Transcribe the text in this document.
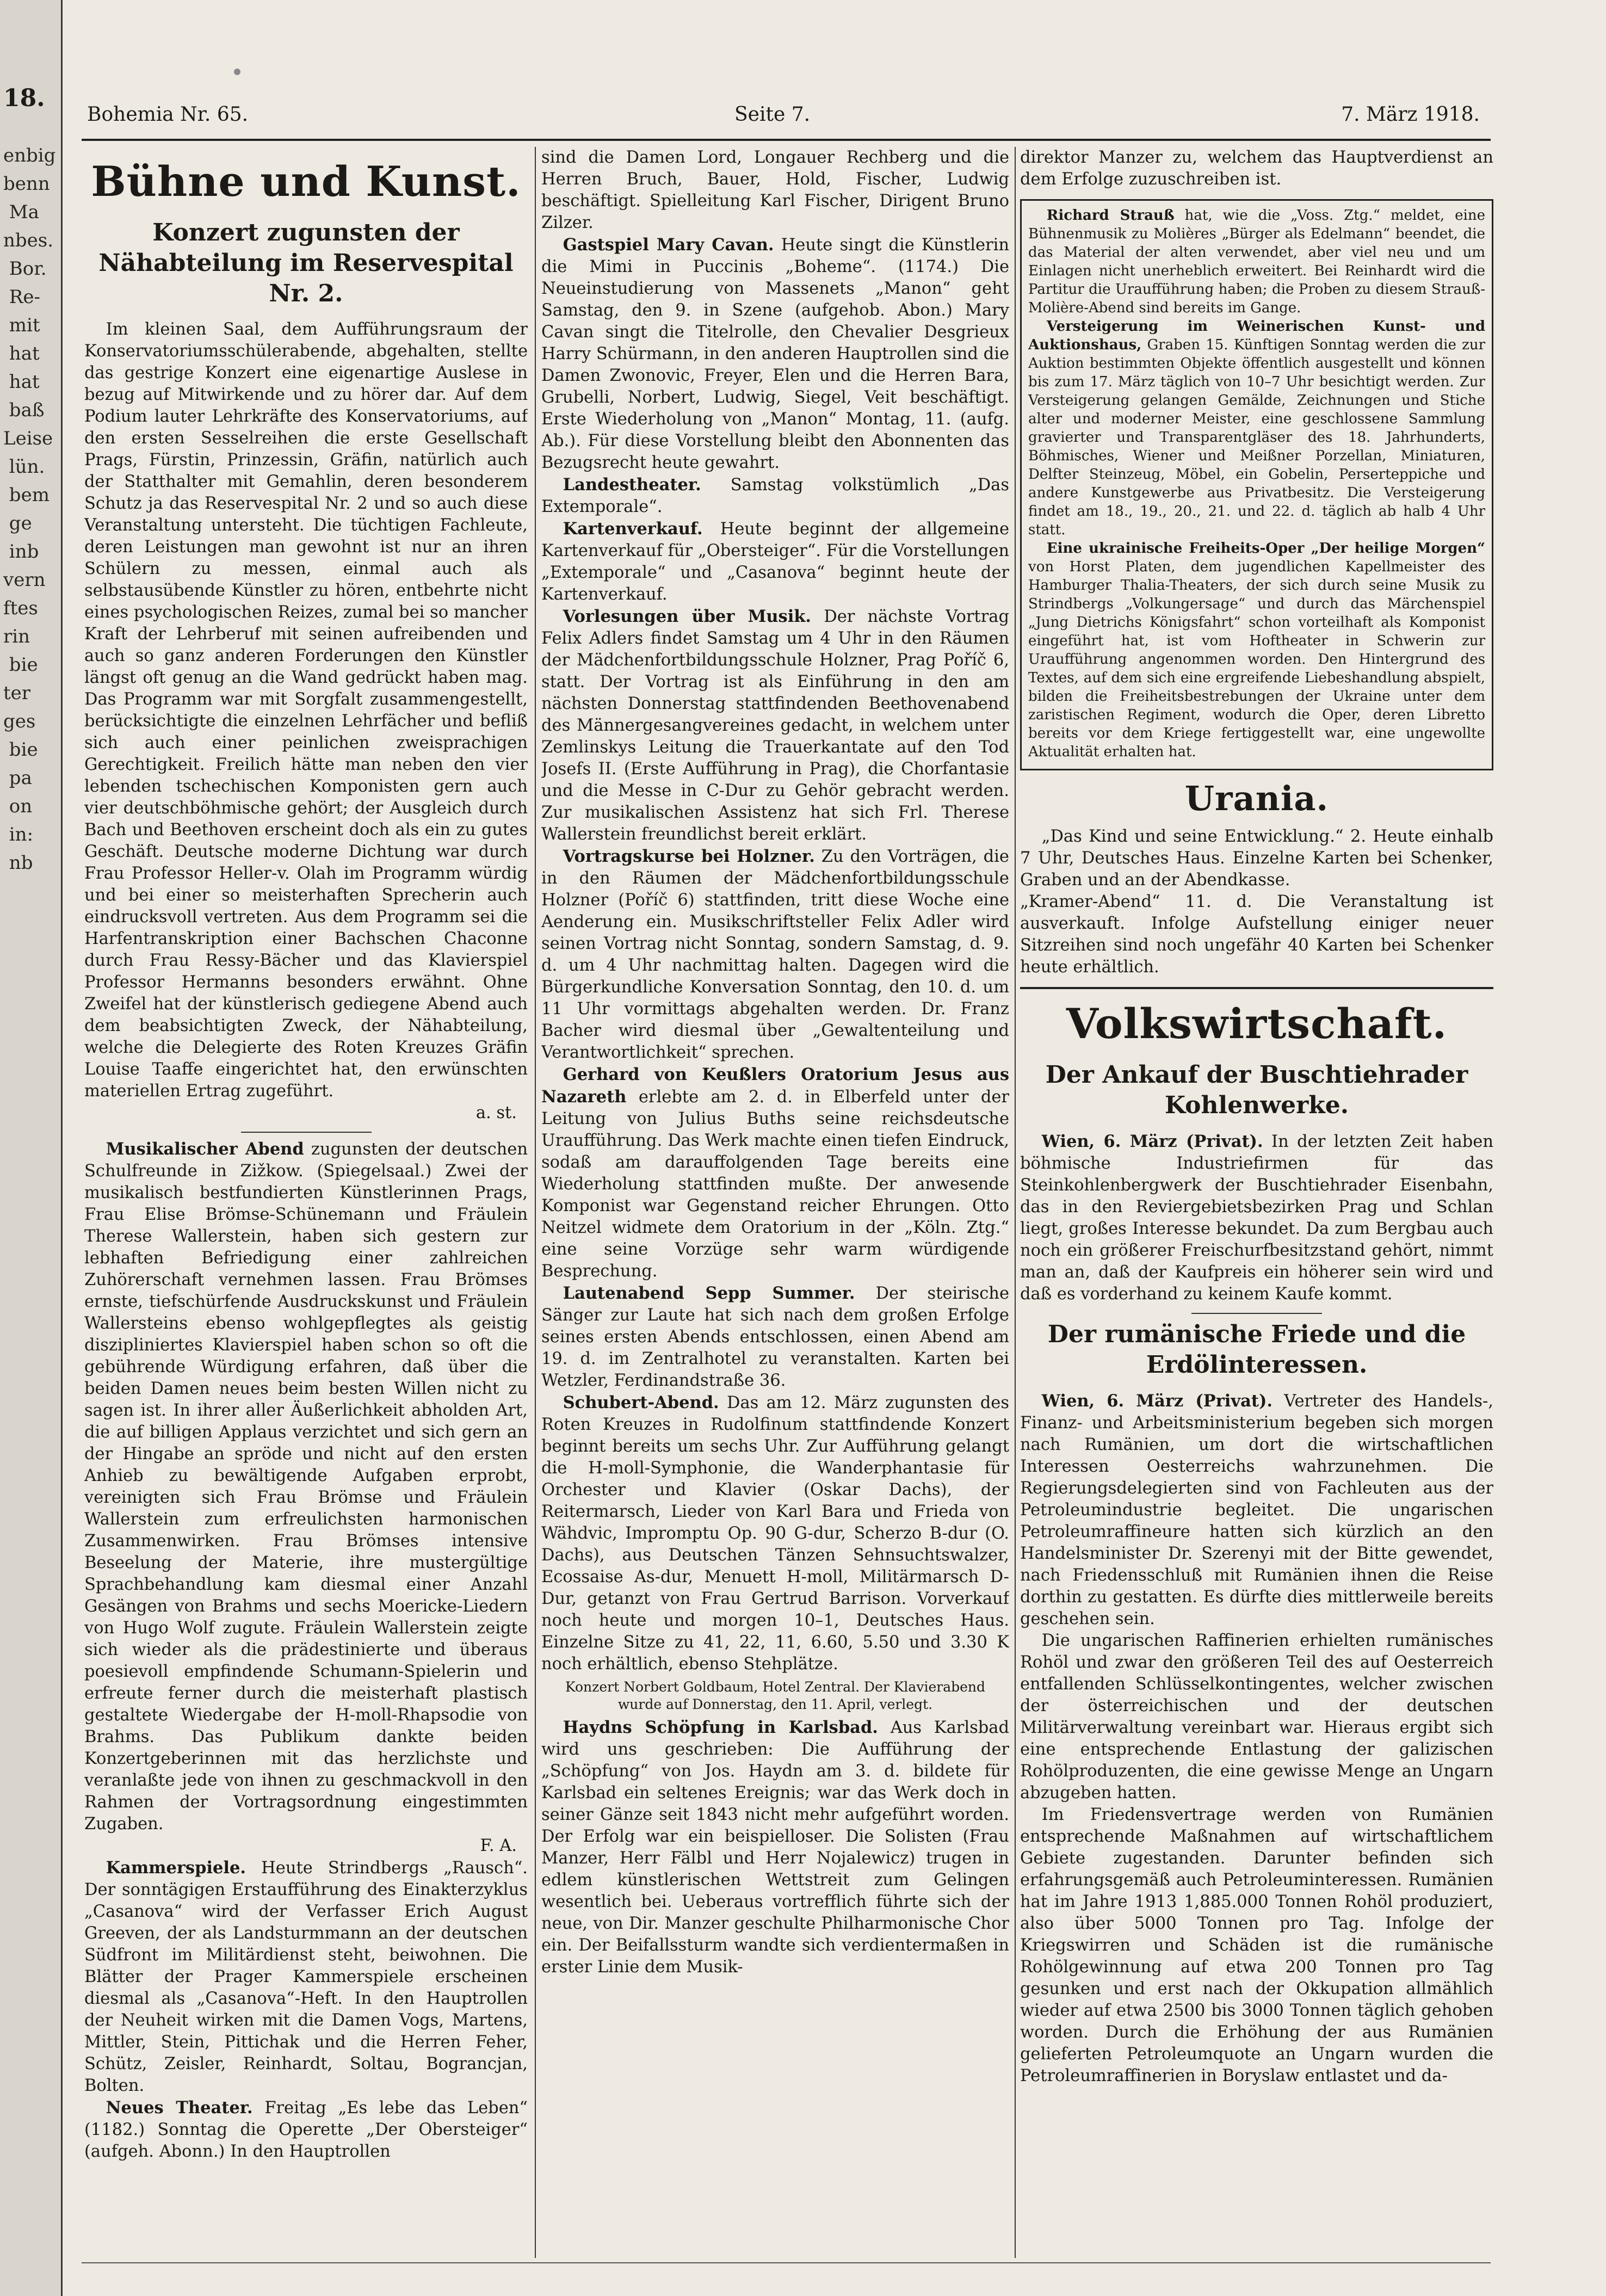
18.
enbig
benn
Ma
nbes.
Bor.
Re-
mit
hat
hat
baß
Leise
lün.
bem
ge
inb
vern
ftes
rin
bie
ter
ges
bie
pa
on
in:
nb
Bohemia Nr. 65.	Seite 7.	7. März 1918.
Bühne und Kunst.
Konzert zugunsten der Nähabteilung im Reservespital Nr. 2.

Im kleinen Saal, dem Aufführungsraum der Konservatoriumsschülerabende, abgehalten, stellte das gestrige Konzert eine eigenartige Auslese in bezug auf Mitwirkende und zu hörer dar. Auf dem Podium lauter Lehrkräfte des Konservatoriums, auf den ersten Sesselreihen die erste Gesellschaft Prags, Fürstin, Prinzessin, Gräfin, natürlich auch der Statthalter mit Gemahlin, deren besonderem Schutz ja das Reservespital Nr. 2 und so auch diese Veranstaltung untersteht. Die tüchtigen Fachleute, deren Leistungen man gewohnt ist nur an ihren Schülern zu messen, einmal auch als selbstausübende Künstler zu hören, entbehrte nicht eines psychologischen Reizes, zumal bei so mancher Kraft der Lehrberuf mit seinen aufreibenden und auch so ganz anderen Forderungen den Künstler längst oft genug an die Wand gedrückt haben mag. Das Programm war mit Sorgfalt zusammengestellt, berücksichtigte die einzelnen Lehrfächer und befliß sich auch einer peinlichen zweisprachigen Gerechtigkeit. Freilich hätte man neben den vier lebenden tschechischen Komponisten gern auch vier deutschböhmische gehört; der Ausgleich durch Bach und Beethoven erscheint doch als ein zu gutes Geschäft. Deutsche moderne Dichtung war durch Frau Professor Heller-v. Olah im Programm würdig und bei einer so meisterhaften Sprecherin auch eindrucksvoll vertreten. Aus dem Programm sei die Harfentranskription einer Bachschen Chaconne durch Frau Ressy-Bächer und das Klavierspiel Professor Hermanns besonders erwähnt. Ohne Zweifel hat der künstlerisch gediegene Abend auch dem beabsichtigten Zweck, der Nähabteilung, welche die Delegierte des Roten Kreuzes Gräfin Louise Taaffe eingerichtet hat, den erwünschten materiellen Ertrag zugeführt.

a. st.

Musikalischer Abend zugunsten der deutschen Schulfreunde in Zižkow. (Spiegelsaal.) Zwei der musikalisch bestfundierten Künstlerinnen Prags, Frau Elise Brömse-Schünemann und Fräulein Therese Wallerstein, haben sich gestern zur lebhaften Befriedigung einer zahlreichen Zuhörerschaft vernehmen lassen. Frau Brömses ernste, tiefschürfende Ausdruckskunst und Fräulein Wallersteins ebenso wohlgepflegtes als geistig diszipliniertes Klavierspiel haben schon so oft die gebührende Würdigung erfahren, daß über die beiden Damen neues beim besten Willen nicht zu sagen ist. In ihrer aller Äußerlichkeit abholden Art, die auf billigen Applaus verzichtet und sich gern an der Hingabe an spröde und nicht auf den ersten Anhieb zu bewältigende Aufgaben erprobt, vereinigten sich Frau Brömse und Fräulein Wallerstein zum erfreulichsten harmonischen Zusammenwirken. Frau Brömses intensive Beseelung der Materie, ihre mustergültige Sprachbehandlung kam diesmal einer Anzahl Gesängen von Brahms und sechs Moericke-Liedern von Hugo Wolf zugute. Fräulein Wallerstein zeigte sich wieder als die prädestinierte und überaus poesievoll empfindende Schumann-Spielerin und erfreute ferner durch die meisterhaft plastisch gestaltete Wiedergabe der H-moll-Rhapsodie von Brahms. Das Publikum dankte beiden Konzertgeberinnen mit das herzlichste und veranlaßte jede von ihnen zu geschmackvoll in den Rahmen der Vortragsordnung eingestimmten Zugaben.

F. A.

Kammerspiele. Heute Strindbergs „Rausch“. Der sonntägigen Erstaufführung des Einakterzyklus „Casanova“ wird der Verfasser Erich August Greeven, der als Landsturmmann an der deutschen Südfront im Militärdienst steht, beiwohnen. Die Blätter der Prager Kammerspiele erscheinen diesmal als „Casanova“-Heft. In den Hauptrollen der Neuheit wirken mit die Damen Vogs, Martens, Mittler, Stein, Pittichak und die Herren Feher, Schütz, Zeisler, Reinhardt, Soltau, Bograncjan, Bolten.

Neues Theater. Freitag „Es lebe das Leben“ (1182.) Sonntag die Operette „Der Obersteiger“ (aufgeh. Abonn.) In den Hauptrollen

sind die Damen Lord, Longauer Rechberg und die Herren Bruch, Bauer, Hold, Fischer, Ludwig beschäftigt. Spielleitung Karl Fischer, Dirigent Bruno Zilzer.

Gastspiel Mary Cavan. Heute singt die Künstlerin die Mimi in Puccinis „Boheme“. (1174.) Die Neueinstudierung von Massenets „Manon“ geht Samstag, den 9. in Szene (aufgehob. Abon.) Mary Cavan singt die Titelrolle, den Chevalier Desgrieux Harry Schürmann, in den anderen Hauptrollen sind die Damen Zwonovic, Freyer, Elen und die Herren Bara, Grubelli, Norbert, Ludwig, Siegel, Veit beschäftigt. Erste Wiederholung von „Manon“ Montag, 11. (aufg. Ab.). Für diese Vorstellung bleibt den Abonnenten das Bezugsrecht heute gewahrt.

Landestheater. Samstag volkstümlich „Das Extemporale“.

Kartenverkauf. Heute beginnt der allgemeine Kartenverkauf für „Obersteiger“. Für die Vorstellungen „Extemporale“ und „Casanova“ beginnt heute der Kartenverkauf.

Vorlesungen über Musik. Der nächste Vortrag Felix Adlers findet Samstag um 4 Uhr in den Räumen der Mädchenfortbildungsschule Holzner, Prag Poříč 6, statt. Der Vortrag ist als Einführung in den am nächsten Donnerstag stattfindenden Beethovenabend des Männergesangvereines gedacht, in welchem unter Zemlinskys Leitung die Trauerkantate auf den Tod Josefs II. (Erste Aufführung in Prag), die Chorfantasie und die Messe in C-Dur zu Gehör gebracht werden. Zur musikalischen Assistenz hat sich Frl. Therese Wallerstein freundlichst bereit erklärt.

Vortragskurse bei Holzner. Zu den Vorträgen, die in den Räumen der Mädchenfortbildungsschule Holzner (Poříč 6) stattfinden, tritt diese Woche eine Aenderung ein. Musikschriftsteller Felix Adler wird seinen Vortrag nicht Sonntag, sondern Samstag, d. 9. d. um 4 Uhr nachmittag halten. Dagegen wird die Bürgerkundliche Konversation Sonntag, den 10. d. um 11 Uhr vormittags abgehalten werden. Dr. Franz Bacher wird diesmal über „Gewaltenteilung und Verantwortlichkeit“ sprechen.

Gerhard von Keußlers Oratorium Jesus aus Nazareth erlebte am 2. d. in Elberfeld unter der Leitung von Julius Buths seine reichsdeutsche Uraufführung. Das Werk machte einen tiefen Eindruck, sodaß am darauffolgenden Tage bereits eine Wiederholung stattfinden mußte. Der anwesende Komponist war Gegenstand reicher Ehrungen. Otto Neitzel widmete dem Oratorium in der „Köln. Ztg.“ eine seine Vorzüge sehr warm würdigende Besprechung.

Lautenabend Sepp Summer. Der steirische Sänger zur Laute hat sich nach dem großen Erfolge seines ersten Abends entschlossen, einen Abend am 19. d. im Zentralhotel zu veranstalten. Karten bei Wetzler, Ferdinandstraße 36.

Schubert-Abend. Das am 12. März zugunsten des Roten Kreuzes in Rudolfinum stattfindende Konzert beginnt bereits um sechs Uhr. Zur Aufführung gelangt die H-moll-Symphonie, die Wanderphantasie für Orchester und Klavier (Oskar Dachs), der Reitermarsch, Lieder von Karl Bara und Frieda von Wähdvic, Impromptu Op. 90 G-dur, Scherzo B-dur (O. Dachs), aus Deutschen Tänzen Sehnsuchtswalzer, Ecossaise As-dur, Menuett H-moll, Militärmarsch D-Dur, getanzt von Frau Gertrud Barrison. Vorverkauf noch heute und morgen 10–1, Deutsches Haus. Einzelne Sitze zu 41, 22, 11, 6.60, 5.50 und 3.30 K noch erhältlich, ebenso Stehplätze.

Konzert Norbert Goldbaum, Hotel Zentral. Der Klavierabend wurde auf Donnerstag, den 11. April, verlegt.

Haydns Schöpfung in Karlsbad. Aus Karlsbad wird uns geschrieben: Die Aufführung der „Schöpfung“ von Jos. Haydn am 3. d. bildete für Karlsbad ein seltenes Ereignis; war das Werk doch in seiner Gänze seit 1843 nicht mehr aufgeführt worden. Der Erfolg war ein beispielloser. Die Solisten (Frau Manzer, Herr Fälbl und Herr Nojalewicz) trugen in edlem künstlerischen Wettstreit zum Gelingen wesentlich bei. Ueberaus vortrefflich führte sich der neue, von Dir. Manzer geschulte Philharmonische Chor ein. Der Beifallssturm wandte sich verdientermaßen in erster Linie dem Musik-

direktor Manzer zu, welchem das Hauptverdienst an dem Erfolge zuzuschreiben ist.

Richard Strauß hat, wie die „Voss. Ztg.“ meldet, eine Bühnenmusik zu Molières „Bürger als Edelmann“ beendet, die das Material der alten verwendet, aber viel neu und um Einlagen nicht unerheblich erweitert. Bei Reinhardt wird die Partitur die Uraufführung haben; die Proben zu diesem Strauß-Molière-Abend sind bereits im Gange.

Versteigerung im Weinerischen Kunst- und Auktionshaus, Graben 15. Künftigen Sonntag werden die zur Auktion bestimmten Objekte öffentlich ausgestellt und können bis zum 17. März täglich von 10–7 Uhr besichtigt werden. Zur Versteigerung gelangen Gemälde, Zeichnungen und Stiche alter und moderner Meister, eine geschlossene Sammlung gravierter und Transparentgläser des 18. Jahrhunderts, Böhmisches, Wiener und Meißner Porzellan, Miniaturen, Delfter Steinzeug, Möbel, ein Gobelin, Perserteppiche und andere Kunstgewerbe aus Privatbesitz. Die Versteigerung findet am 18., 19., 20., 21. und 22. d. täglich ab halb 4 Uhr statt.

Eine ukrainische Freiheits-Oper „Der heilige Morgen“ von Horst Platen, dem jugendlichen Kapellmeister des Hamburger Thalia-Theaters, der sich durch seine Musik zu Strindbergs „Volkungersage“ und durch das Märchenspiel „Jung Dietrichs Königsfahrt“ schon vorteilhaft als Komponist eingeführt hat, ist vom Hoftheater in Schwerin zur Uraufführung angenommen worden. Den Hintergrund des Textes, auf dem sich eine ergreifende Liebeshandlung abspielt, bilden die Freiheitsbestrebungen der Ukraine unter dem zaristischen Regiment, wodurch die Oper, deren Libretto bereits vor dem Kriege fertiggestellt war, eine ungewollte Aktualität erhalten hat.

Urania.

„Das Kind und seine Entwicklung.“ 2. Heute einhalb 7 Uhr, Deutsches Haus. Einzelne Karten bei Schenker, Graben und an der Abendkasse.
„Kramer-Abend“ 11. d. Die Veranstaltung ist ausverkauft. Infolge Aufstellung einiger neuer Sitzreihen sind noch ungefähr 40 Karten bei Schenker heute erhältlich.

Volkswirtschaft.
Der Ankauf der Buschtiehrader Kohlenwerke.

Wien, 6. März (Privat). In der letzten Zeit haben böhmische Industriefirmen für das Steinkohlenbergwerk der Buschtiehrader Eisenbahn, das in den Reviergebietsbezirken Prag und Schlan liegt, großes Interesse bekundet. Da zum Bergbau auch noch ein größerer Freischurfbesitzstand gehört, nimmt man an, daß der Kaufpreis ein höherer sein wird und daß es vorderhand zu keinem Kaufe kommt.

Der rumänische Friede und die Erdölinteressen.

Wien, 6. März (Privat). Vertreter des Handels-, Finanz- und Arbeitsministerium begeben sich morgen nach Rumänien, um dort die wirtschaftlichen Interessen Oesterreichs wahrzunehmen. Die Regierungsdelegierten sind von Fachleuten aus der Petroleumindustrie begleitet. Die ungarischen Petroleumraffineure hatten sich kürzlich an den Handelsminister Dr. Szerenyi mit der Bitte gewendet, nach Friedensschluß mit Rumänien ihnen die Reise dorthin zu gestatten. Es dürfte dies mittlerweile bereits geschehen sein.

Die ungarischen Raffinerien erhielten rumänisches Rohöl und zwar den größeren Teil des auf Oesterreich entfallenden Schlüsselkontingentes, welcher zwischen der österreichischen und der deutschen Militärverwaltung vereinbart war. Hieraus ergibt sich eine entsprechende Entlastung der galizischen Rohölproduzenten, die eine gewisse Menge an Ungarn abzugeben hatten.

Im Friedensvertrage werden von Rumänien entsprechende Maßnahmen auf wirtschaftlichem Gebiete zugestanden. Darunter befinden sich erfahrungsgemäß auch Petroleuminteressen. Rumänien hat im Jahre 1913 1,885.000 Tonnen Rohöl produziert, also über 5000 Tonnen pro Tag. Infolge der Kriegswirren und Schäden ist die rumänische Rohölgewinnung auf etwa 200 Tonnen pro Tag gesunken und erst nach der Okkupation allmählich wieder auf etwa 2500 bis 3000 Tonnen täglich gehoben worden. Durch die Erhöhung der aus Rumänien gelieferten Petroleumquote an Ungarn wurden die Petroleumraffinerien in Boryslaw entlastet und da-
